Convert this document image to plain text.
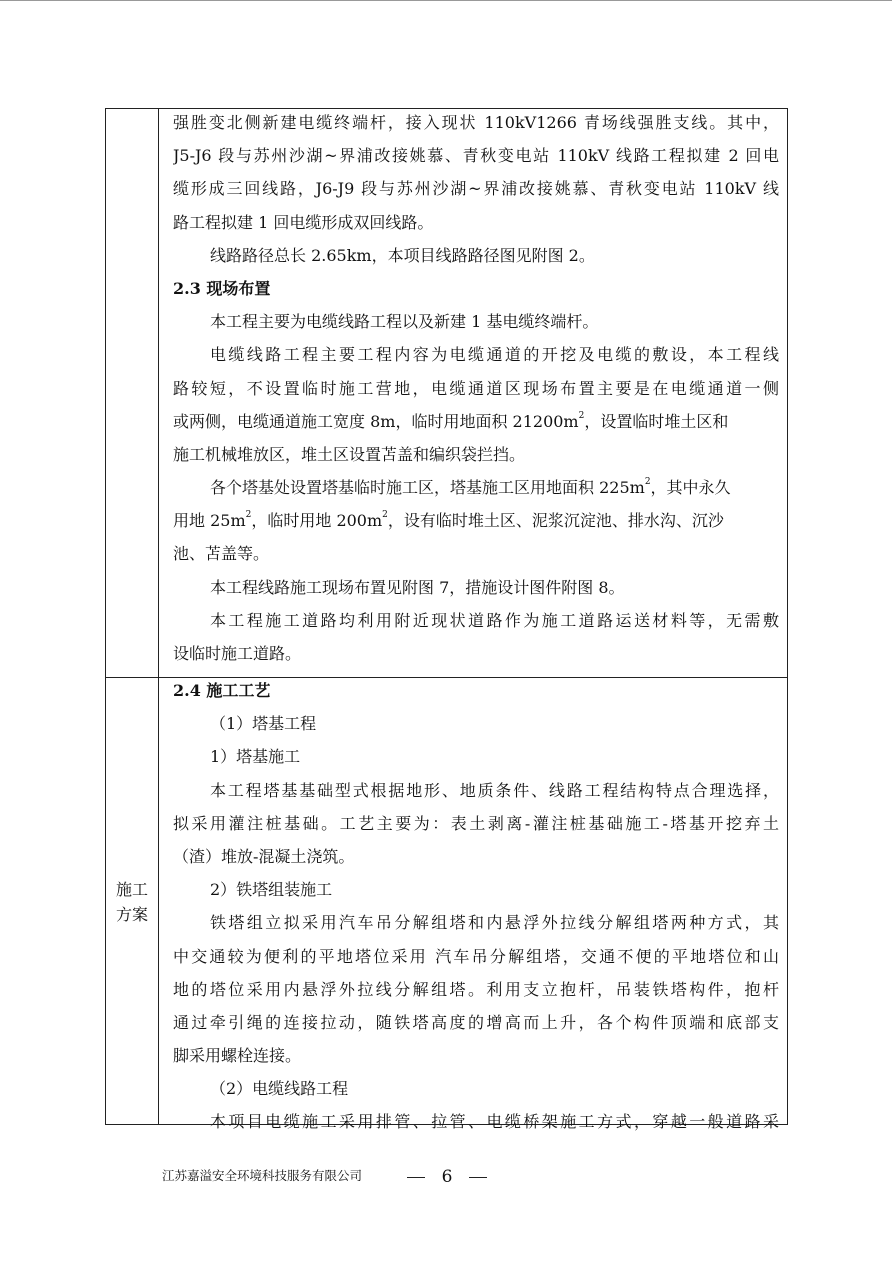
施工
方案
强胜变北侧新建电缆终端杆，接入现状 110kV1266 青场线强胜支线。其中，
J5-J6 段与苏州沙湖~界浦改接姚慕、青秋变电站 110kV 线路工程拟建 2 回电
缆形成三回线路，J6-J9 段与苏州沙湖~界浦改接姚慕、青秋变电站 110kV 线
路工程拟建 1 回电缆形成双回线路。
线路路径总长 2.65km，本项目线路路径图见附图 2。
2.3 现场布置
本工程主要为电缆线路工程以及新建 1 基电缆终端杆。
电缆线路工程主要工程内容为电缆通道的开挖及电缆的敷设，本工程线
路较短，不设置临时施工营地，电缆通道区现场布置主要是在电缆通道一侧
或两侧，电缆通道施工宽度 8m，临时用地面积 $21200m^2$，设置临时堆土区和
施工机械堆放区，堆土区设置苫盖和编织袋拦挡。
各个塔基处设置塔基临时施工区，塔基施工区用地面积 $225m^2$，其中永久
用地 $25m^2$，临时用地 $200m^2$，设有临时堆土区、泥浆沉淀池、排水沟、沉沙
池、苫盖等。
本工程线路施工现场布置见附图 7，措施设计图件附图 8。
本工程施工道路均利用附近现状道路作为施工道路运送材料等，无需敷
设临时施工道路。
2.4 施工工艺
（1）塔基工程
1）塔基施工
本工程塔基基础型式根据地形、地质条件、线路工程结构特点合理选择，
拟采用灌注桩基础。工艺主要为：表土剥离-灌注桩基础施工-塔基开挖弃土
（渣）堆放-混凝土浇筑。
2）铁塔组装施工
铁塔组立拟采用汽车吊分解组塔和内悬浮外拉线分解组塔两种方式，其
中交通较为便利的平地塔位采用 汽车吊分解组塔，交通不便的平地塔位和山
地的塔位采用内悬浮外拉线分解组塔。利用支立抱杆，吊装铁塔构件，抱杆
通过牵引绳的连接拉动，随铁塔高度的增高而上升，各个构件顶端和底部支
脚采用螺栓连接。
（2）电缆线路工程
本项目电缆施工采用排管、拉管、电缆桥架施工方式，穿越一般道路采
江苏嘉溢安全环境科技服务有限公司	6
